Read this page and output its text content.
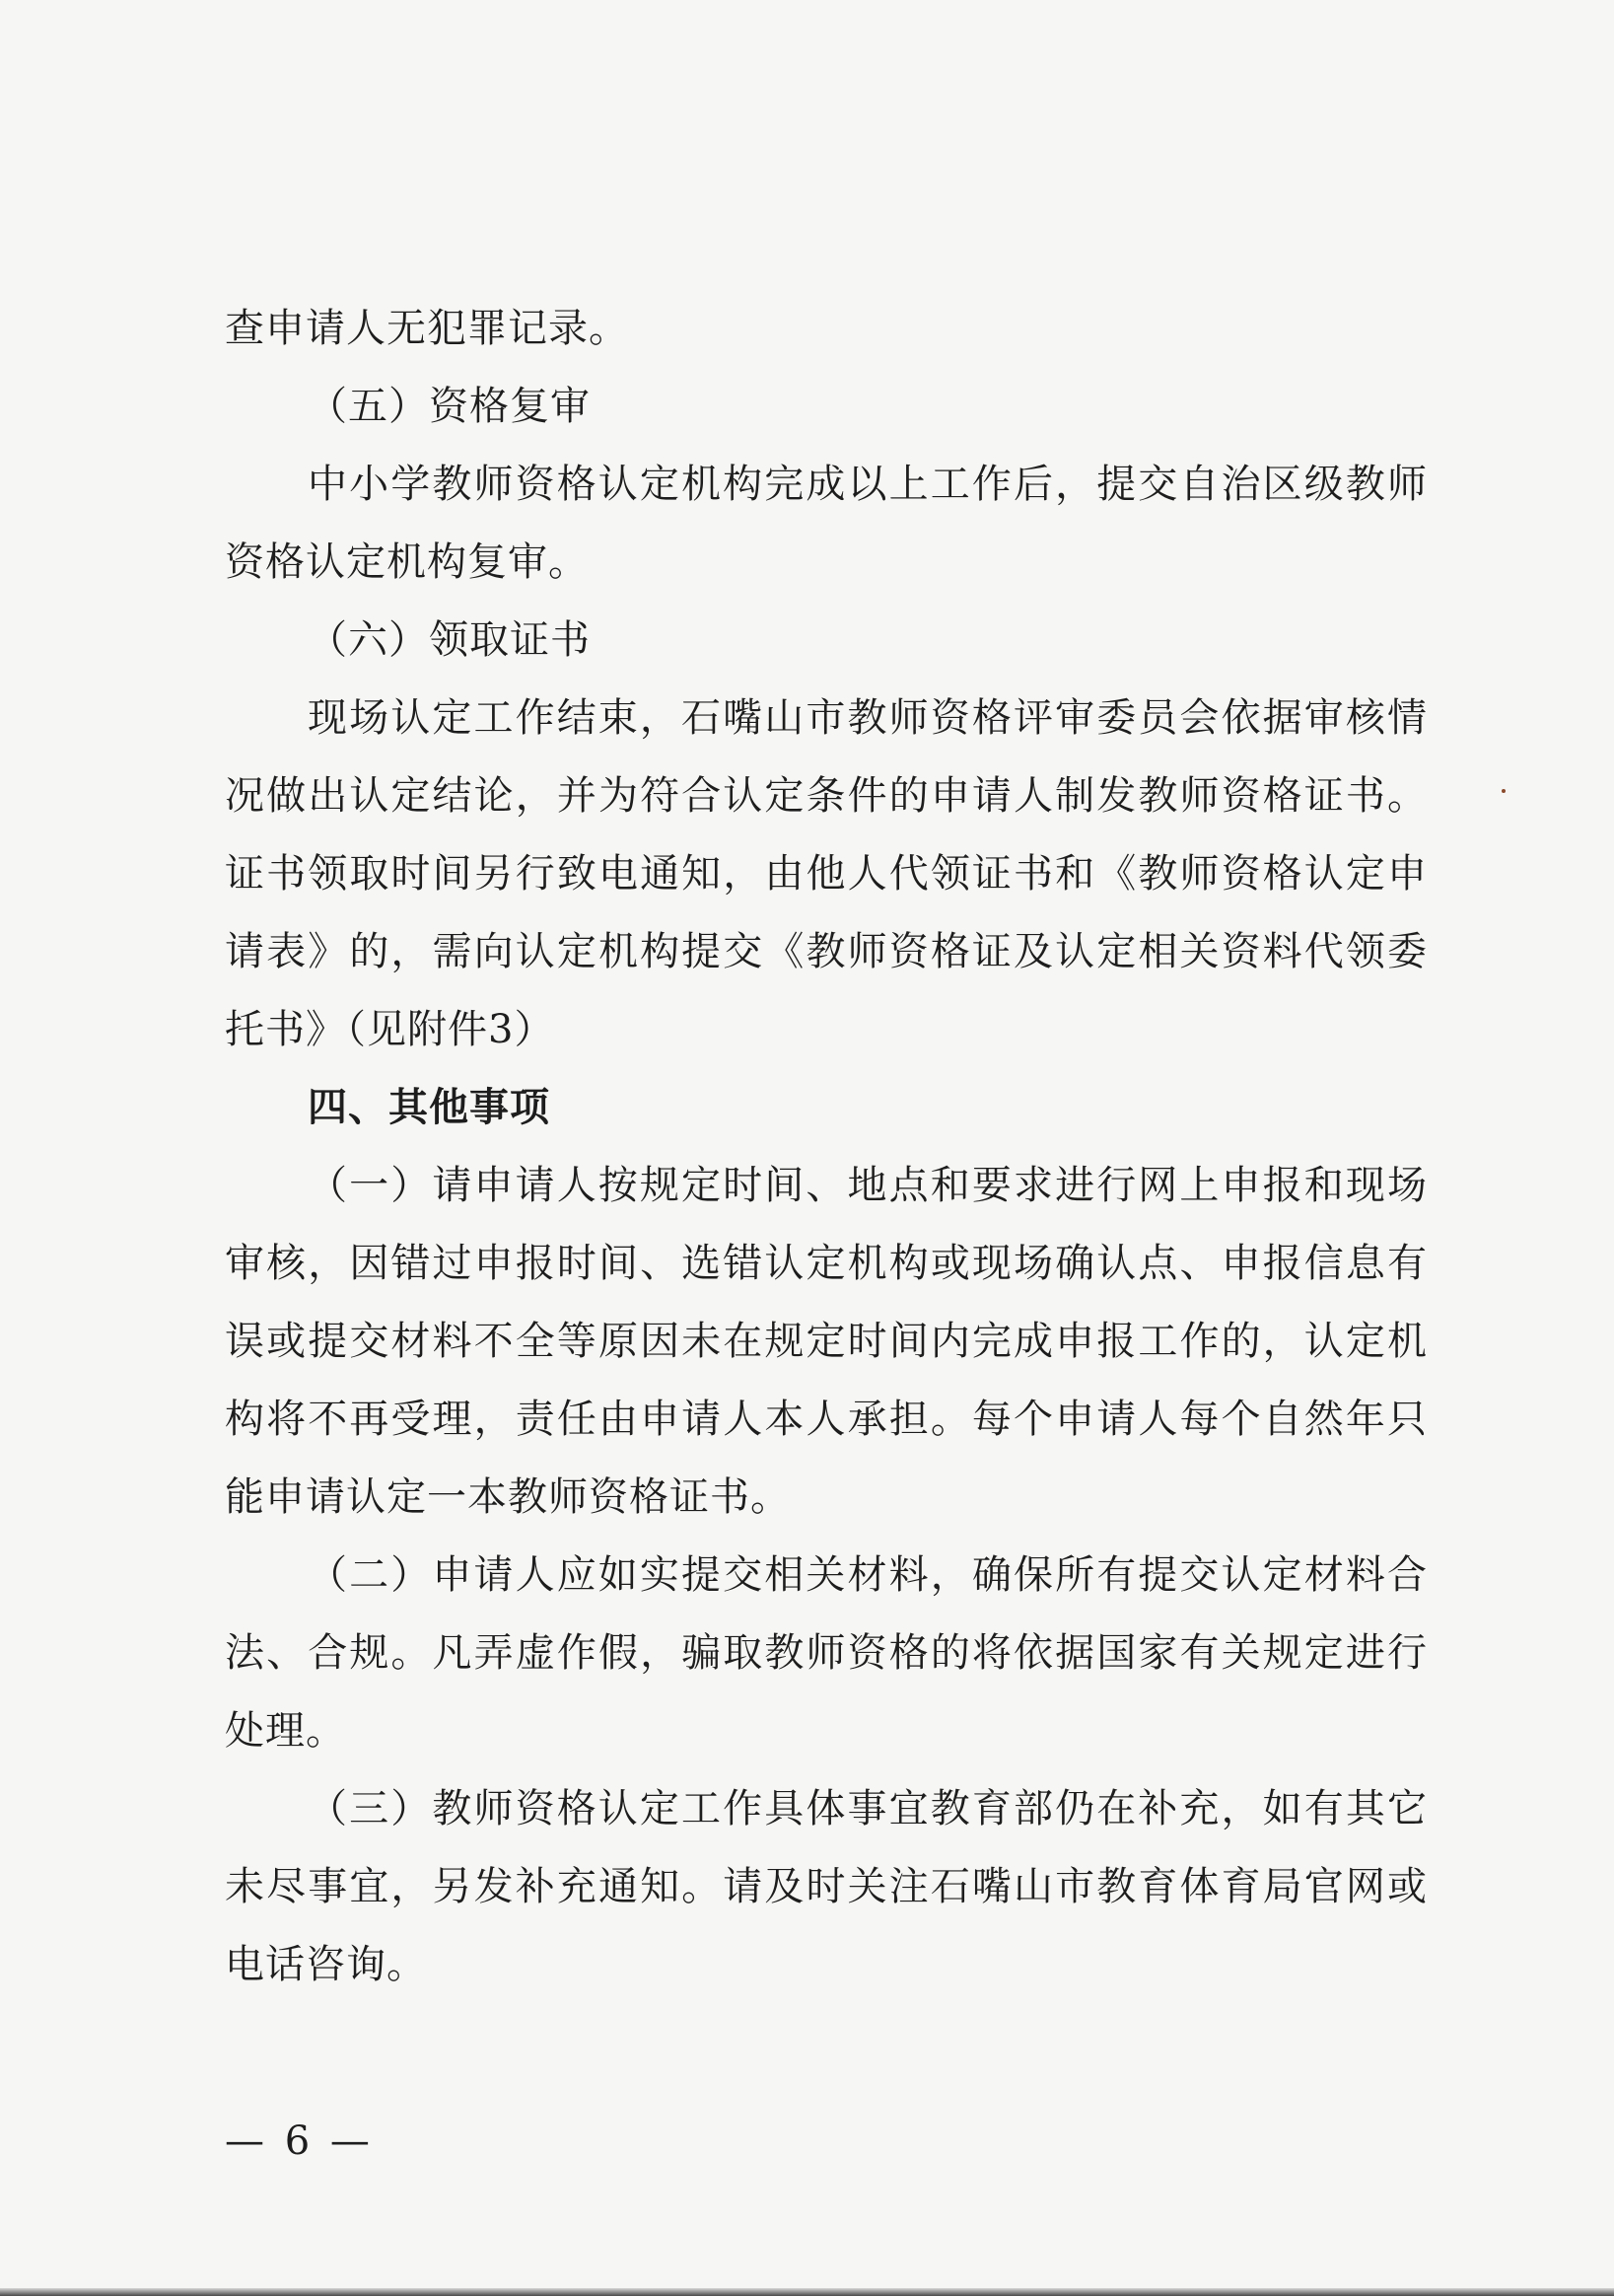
查申请人无犯罪记录。

（五）资格复审

中小学教师资格认定机构完成以上工作后，提交自治区级教师资格认定机构复审。

（六）领取证书

现场认定工作结束，石嘴山市教师资格评审委员会依据审核情况做出认定结论，并为符合认定条件的申请人制发教师资格证书。证书领取时间另行致电通知，由他人代领证书和《教师资格认定申请表》的，需向认定机构提交《教师资格证及认定相关资料代领委托书》（见附件3）

四、其他事项

（一）请申请人按规定时间、地点和要求进行网上申报和现场审核，因错过申报时间、选错认定机构或现场确认点、申报信息有误或提交材料不全等原因未在规定时间内完成申报工作的，认定机构将不再受理，责任由申请人本人承担。每个申请人每个自然年只能申请认定一本教师资格证书。

（二）申请人应如实提交相关材料，确保所有提交认定材料合法、合规。凡弄虚作假，骗取教师资格的将依据国家有关规定进行处理。

（三）教师资格认定工作具体事宜教育部仍在补充，如有其它未尽事宜，另发补充通知。请及时关注石嘴山市教育体育局官网或电话咨询。

— 6 —
